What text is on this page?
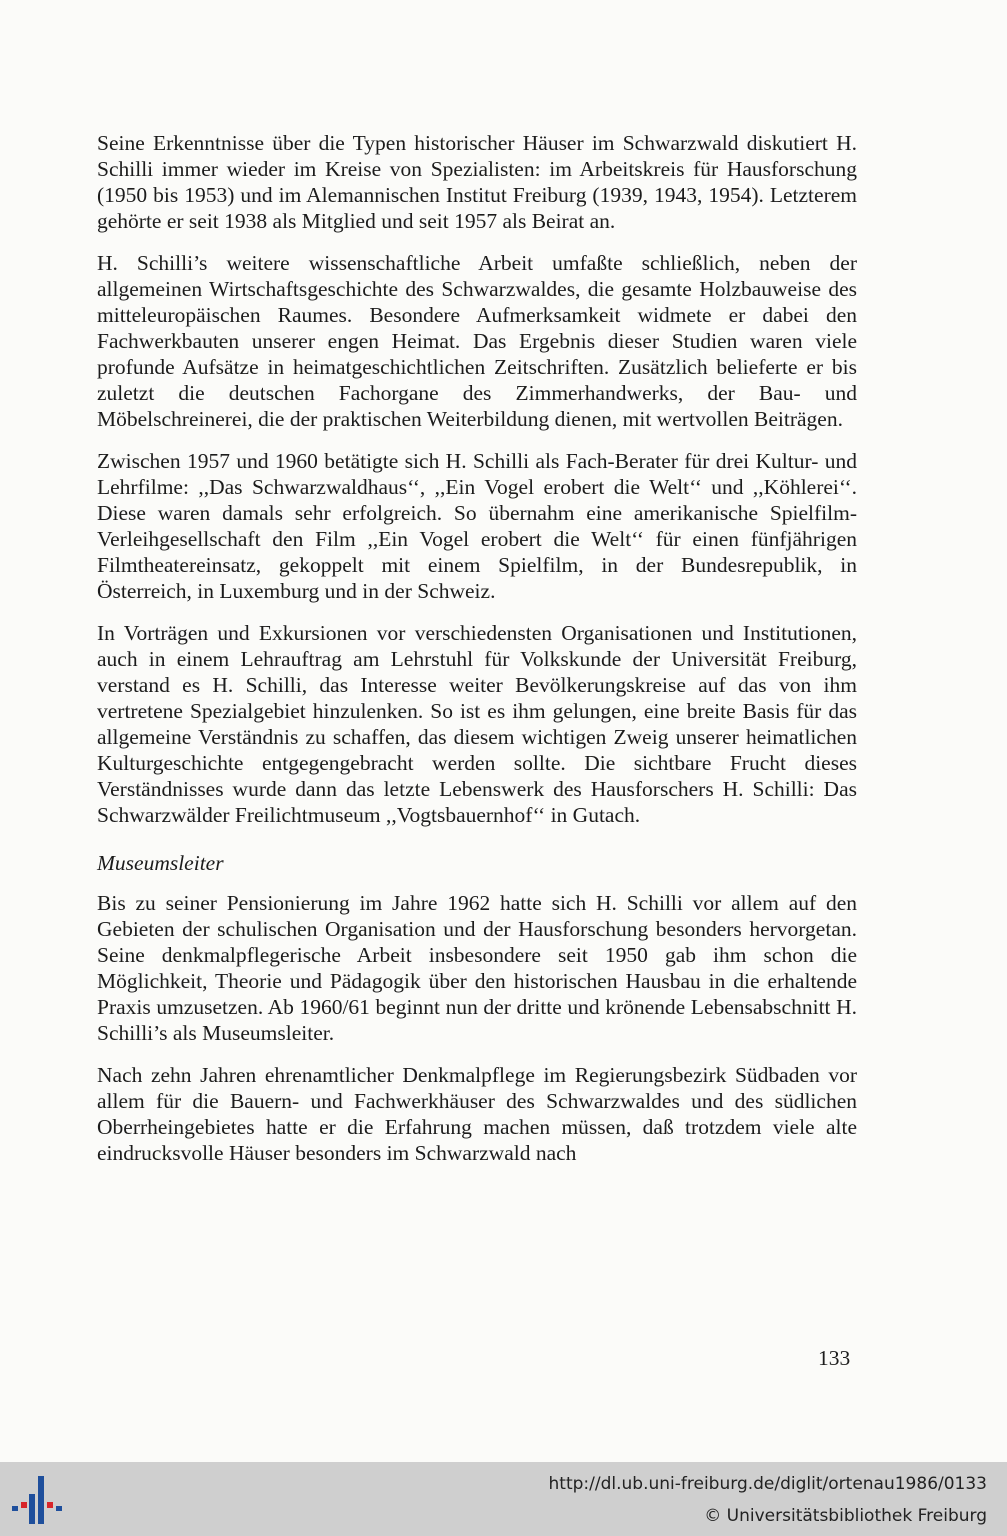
Seine Erkenntnisse über die Typen historischer Häuser im Schwarzwald diskutiert H. Schilli immer wieder im Kreise von Spezialisten: im Arbeitskreis für Hausforschung (1950 bis 1953) und im Alemannischen Institut Freiburg (1939, 1943, 1954). Letzterem gehörte er seit 1938 als Mitglied und seit 1957 als Beirat an.

H. Schilli’s weitere wissenschaftliche Arbeit umfaßte schließlich, neben der allgemeinen Wirtschaftsgeschichte des Schwarzwaldes, die gesamte Holzbauweise des mitteleuropäischen Raumes. Besondere Aufmerksamkeit widmete er dabei den Fachwerkbauten unserer engen Heimat. Das Ergebnis dieser Studien waren viele profunde Aufsätze in heimatgeschichtlichen Zeitschriften. Zusätzlich belieferte er bis zuletzt die deutschen Fachorgane des Zimmerhandwerks, der Bau- und Möbelschreinerei, die der praktischen Weiterbildung dienen, mit wertvollen Beiträgen.

Zwischen 1957 und 1960 betätigte sich H. Schilli als Fach-Berater für drei Kultur- und Lehrfilme: ,,Das Schwarzwaldhaus‘‘, ,,Ein Vogel erobert die Welt‘‘ und ,,Köhlerei‘‘. Diese waren damals sehr erfolgreich. So übernahm eine amerikanische Spielfilm-Verleihgesellschaft den Film ,,Ein Vogel erobert die Welt‘‘ für einen fünfjährigen Filmtheatereinsatz, gekoppelt mit einem Spielfilm, in der Bundesrepublik, in Österreich, in Luxemburg und in der Schweiz.

In Vorträgen und Exkursionen vor verschiedensten Organisationen und Institutionen, auch in einem Lehrauftrag am Lehrstuhl für Volkskunde der Universität Freiburg, verstand es H. Schilli, das Interesse weiter Bevölkerungskreise auf das von ihm vertretene Spezialgebiet hinzulenken. So ist es ihm gelungen, eine breite Basis für das allgemeine Verständnis zu schaffen, das diesem wichtigen Zweig unserer heimatlichen Kulturgeschichte entgegengebracht werden sollte. Die sichtbare Frucht dieses Verständnisses wurde dann das letzte Lebenswerk des Hausforschers H. Schilli: Das Schwarzwälder Freilichtmuseum ,,Vogtsbauernhof‘‘ in Gutach.

Museumsleiter

Bis zu seiner Pensionierung im Jahre 1962 hatte sich H. Schilli vor allem auf den Gebieten der schulischen Organisation und der Hausforschung besonders hervorgetan. Seine denkmalpflegerische Arbeit insbesondere seit 1950 gab ihm schon die Möglichkeit, Theorie und Pädagogik über den historischen Hausbau in die erhaltende Praxis umzusetzen. Ab 1960/61 beginnt nun der dritte und krönende Lebensabschnitt H. Schilli’s als Museumsleiter.

Nach zehn Jahren ehrenamtlicher Denkmalpflege im Regierungsbezirk Südbaden vor allem für die Bauern- und Fachwerkhäuser des Schwarzwaldes und des südlichen Oberrheingebietes hatte er die Erfahrung machen müssen, daß trotzdem viele alte eindrucksvolle Häuser besonders im Schwarzwald nach

133
http://dl.ub.uni-freiburg.de/diglit/ortenau1986/0133
© Universitätsbibliothek Freiburg
